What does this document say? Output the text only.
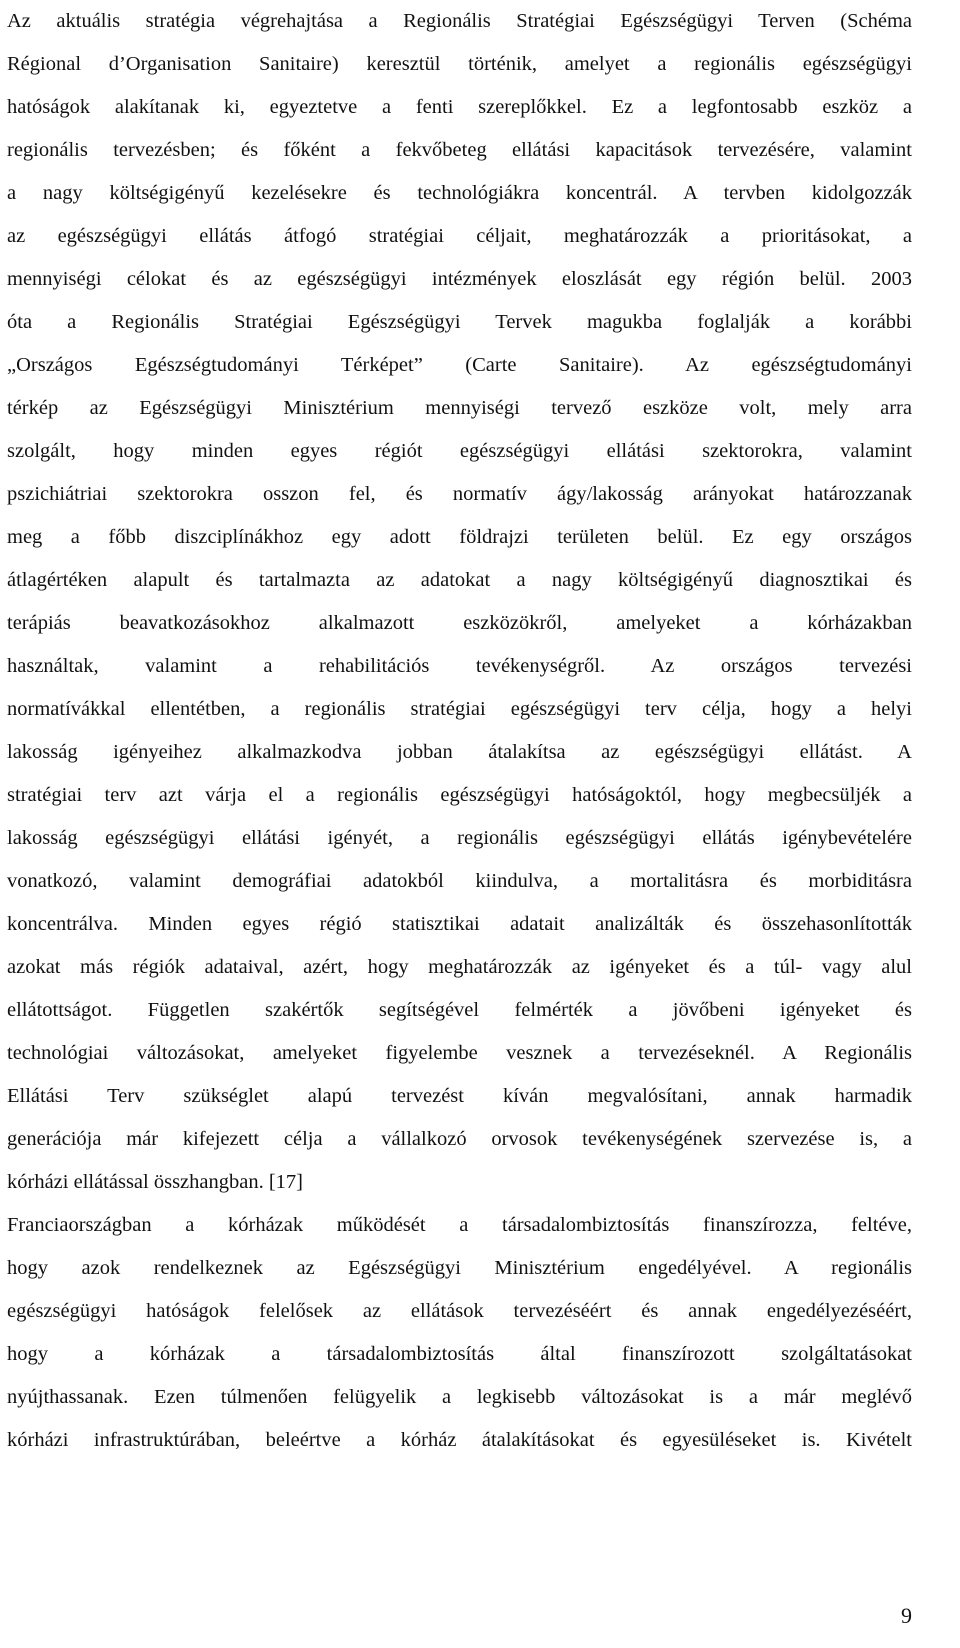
Az aktuális stratégia végrehajtása a Regionális Stratégiai Egészségügyi Terven (Schéma
Régional d’Organisation Sanitaire) keresztül történik, amelyet a regionális egészségügyi
hatóságok alakítanak ki, egyeztetve a fenti szereplőkkel. Ez a legfontosabb eszköz a
regionális tervezésben; és főként a fekvőbeteg ellátási kapacitások tervezésére, valamint
a nagy költségigényű kezelésekre és technológiákra koncentrál. A tervben kidolgozzák
az egészségügyi ellátás átfogó stratégiai céljait, meghatározzák a prioritásokat, a
mennyiségi célokat és az egészségügyi intézmények eloszlását egy régión belül. 2003
óta a Regionális Stratégiai Egészségügyi Tervek magukba foglalják a korábbi
„Országos Egészségtudományi Térképet” (Carte Sanitaire). Az egészségtudományi
térkép az Egészségügyi Minisztérium mennyiségi tervező eszköze volt, mely arra
szolgált, hogy minden egyes régiót egészségügyi ellátási szektorokra, valamint
pszichiátriai szektorokra osszon fel, és normatív ágy/lakosság arányokat határozzanak
meg a főbb diszciplínákhoz egy adott földrajzi területen belül. Ez egy országos
átlagértéken alapult és tartalmazta az adatokat a nagy költségigényű diagnosztikai és
terápiás beavatkozásokhoz alkalmazott eszközökről, amelyeket a kórházakban
használtak, valamint a rehabilitációs tevékenységről. Az országos tervezési
normatívákkal ellentétben, a regionális stratégiai egészségügyi terv célja, hogy a helyi
lakosság igényeihez alkalmazkodva jobban átalakítsa az egészségügyi ellátást. A
stratégiai terv azt várja el a regionális egészségügyi hatóságoktól, hogy megbecsüljék a
lakosság egészségügyi ellátási igényét, a regionális egészségügyi ellátás igénybevételére
vonatkozó, valamint demográfiai adatokból kiindulva, a mortalitásra és morbiditásra
koncentrálva. Minden egyes régió statisztikai adatait analizálták és összehasonlították
azokat más régiók adataival, azért, hogy meghatározzák az igényeket és a túl- vagy alul
ellátottságot. Független szakértők segítségével felmérték a jövőbeni igényeket és
technológiai változásokat, amelyeket figyelembe vesznek a tervezéseknél. A Regionális
Ellátási Terv szükséglet alapú tervezést kíván megvalósítani, annak harmadik
generációja már kifejezett célja a vállalkozó orvosok tevékenységének szervezése is, a
kórházi ellátással összhangban. [17]
Franciaországban a kórházak működését a társadalombiztosítás finanszírozza, feltéve,
hogy azok rendelkeznek az Egészségügyi Minisztérium engedélyével. A regionális
egészségügyi hatóságok felelősek az ellátások tervezéséért és annak engedélyezéséért,
hogy a kórházak a társadalombiztosítás által finanszírozott szolgáltatásokat
nyújthassanak. Ezen túlmenően felügyelik a legkisebb változásokat is a már meglévő
kórházi infrastruktúrában, beleértve a kórház átalakításokat és egyesüléseket is. Kivételt
9
